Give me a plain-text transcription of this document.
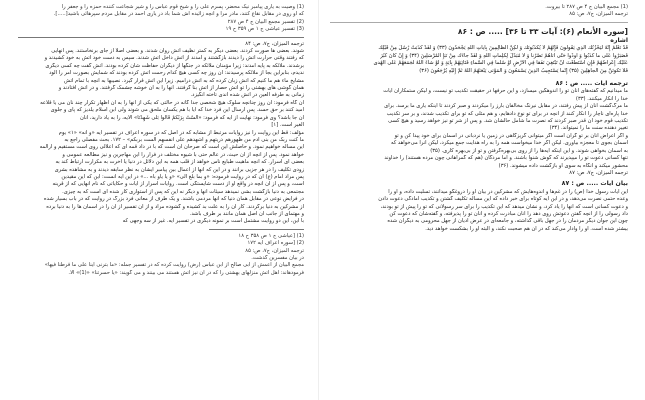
(1) وصیت به یاری پیامبر نیک محضر، پسرم علی را و شیخ قوم عباس را و شیر شجاعت کننده حمزه را و جعفر را
که او روی در مقابل نقاع کنند، مادر مرا و آنچه زائیده اش شما باد در یاری احمد در مقابل مردم سپرهائی باشید[.....].
(2) تفسیر مجمع البیان ج ۴ ص ۲۸۷
(3) تفسیر عیاشی ج ۱ ص ۳۵۹ ح ۱۹
ترجمه المیزان، ج۷، ص: ۸۴
شوند. بعضی ها صورت کردند. بعضی دیگر به کمتر نظیف آتش روان شدند. و بعضی اصلاً از جای برنخاستند. پس آنهایی
که رفتند وقتی حرارت آتش را دیدند بازگشتند و آمدند از آتش داخل آتش شدند. سپس به دست خود آتش به خود کشیدند و
برشدند. ملائکه به پایه آمدند: زیرا مؤمنان ملائکه در جنگها از دیگران حفاظت شان کرده بودند. آتش گفت چه کسی دیگری
ندیدم، بنابراین بجا از ملائکه پرسیدند: آن روز چه کسی هیچ کدام رحمت آتش کرده بودند که شمایش بصورت امر را آلود
مشایخ ماء هم ما کنیم که آتش زبان کرده که به آتش درآمیم. زیرا این آتش قرار گیرد. نصیبها به آنچه با تمام آتش
همان گوشی های بهشتی را تو آتش حصار از آتش بنا گرفتند. آنها را به آن خوشه چشمک گرفتند. و در آتش افتادند و
زمانی به طرفه العین در آتش شده اندی تاخته انگیزد.
آن گاه فرمود: آن روز چنانچه سلوک هیچ شخصی جدا گانه در حالتی که یکی از آنها را به آن اظهار تکرار چند نان می یا قلاعه
امید کنند بر حق حسد. پس ارسال این فرد خدا که آیا با هم یکسان ملحق می شوند ولی ابن اسلام یلدیز که پای و جلوی
آن جا باشد؟ وی فرمود: نهایت از آیه که فرمود: «أَلَسْتُ بِرَبِّكُمْ قَالُوا بَلَى شَهِدْنَا» الآیه، را به یاد دارید، آنان
الغیر است. [۱]
مؤلف: قط این روایت را نیز روایات مرتبط از مشابه که در اصل که در سوره اعراف در تفسیر آیه «و أنه» «۱» یوم
ما کنت ربک من بنی آدم من ظهورهم ذریتهم و اشهدهم علی انفسهم ألست بربکم» – ۱۷۲. بحث مفصلی راجع به
این مساله خواهیم نمود. و حاصلش این است که صرحان آن است که با در داد قمه ای که اعلالی روی است مستقیم و آرالمه
خواهد نمود. پس از آنچه از آن حیث، در عالم حتی با شیوه مختلف در فرار را این مهاجرین و نیز مطالعه عمومی و
بعضی ای اسرار. که آنچه ماهیت طبایع ناس خواهد از قلب همه به این دلائل در دنیا یا آخرت به مکرارت ارتباط کند به
زودی تکلیف را در هر جزیی برانند و در این که آنها از اعمال بین پیامبر ایشان به نظر سابقه دیدند و به مشاهده بشری
پس مراد امام (ع) آن که در روایت فرموده: «و بما بلغ الی» «و یا یاو باه ...» در این آیه انست: این که این مقیدین
است، و پس از آن آنچه در واقع او از دست شایستگی است. روایات اسرار از آیات و حکایاتی که نام آنهایی که از قرینه
مجتمعی به دنیا بازگشت بشی نمیدهد سیئات آنها و دیگر نه این که پس از استواری کار شده ای است که به چیزی.
در فرایض نوعی در مقابل همان دنیا که آنها مردمی باشند. و یک طرف از معانی فرد بزرگ در روایت که در باب بسیار شده
از مشرکین به دنیا برگردند. کار آن را به علت بد کشیده و گشوده مراد و از آن تفسیر از آن را در آسمان ها را به دنیا برده
و مهتمای از جانب آن اصل همان مانند بر طرف باشد.
با این، این دو روایت مشتمل است بر نمونه دیگری در تفسیر آیه. غیر از سه وجهی که
(1) [عیاشی ج ۱ ص ۳۵۸ ح ۱۸
(2) [سوره اعراف آیه ۱۷۲
ترجمه المیزان، ج۷، ص: ۸۵
در بیان مفسرین گذشت.
مجمع البیان از اعمش از ابی صالح از ابن عباس (رض) روایت کرده که در تفسیر جمله: «ما بترنی اینا علی ما فرطنا فیها»
فرمودهاند: اهل آتش منزلهای بهشتی را که در آن نیز آتش هستند می بینند و می گویند: «یا حسرتنا» «(1)» الا.
(1) مجمع البیان ج ۴ ص ۲۸۷ تا بیروت.
ترجمه المیزان، ج۷، ص: ۸۵
[سوره الأنعام (۶): آیات ۳۳ تا ۳۶] ..... ص : ۸۶
اشاره
قَدْ نَعْلَمُ إِنَّهُ لَيَحْزُنُكَ الَّذِي يَقُولُونَ فَإِنَّهُمْ لا يُكَذِّبُونَكَ وَ لكِنَّ الظّالِمِينَ بِآياتِ اللّهِ يَجْحَدُونَ (۳۳) وَ لَقَدْ كُذِّبَتْ رُسُلٌ مِنْ قَبْلِكَ
فَصَبَرُوا عَلى ما كُذِّبُوا وَ أُوذُوا حَتّى أَتاهُمْ نَصْرُنا وَ لا مُبَدِّلَ لِكَلِماتِ اللّهِ وَ لَقَدْ جاءَكَ مِنْ نَبَإِ الْمُرْسَلِينَ (۳۴) وَ إِنْ كانَ كَبُرَ
عَلَيْكَ إِعْراضُهُمْ فَإِنِ اسْتَطَعْتَ أَنْ تَبْتَغِيَ نَفَقاً فِي الْأَرْضِ أَوْ سُلَّماً فِي السَّماءِ فَتَأْتِيَهُمْ بِآيَةٍ وَ لَوْ شاءَ اللّهُ لَجَمَعَهُمْ عَلَى الْهُدى
فَلا تَكُونَنَّ مِنَ الْجاهِلِينَ (۳۵) إِنَّما يَسْتَجِيبُ الَّذِينَ يَسْمَعُونَ وَ الْمَوْتى يَبْعَثُهُمُ اللّهُ ثُمَّ إِلَيْهِ يُرْجَعُونَ (۳۶)
ترجمه آیات ..... ص : ۸۶
ما میدانیم که گفته‌های آنان تو را اندوهگین میسازد، و این حرفها در حقیقت تکذیب تو نیست، و لیکن ستمکاران آیات
خدا را انکار میکنند. (۳۳)
ما مرگ‌گشت آنان از پیش رفتند، در مقابل نیرنگ مخالفان بارز را میکردند و صبر کردند تا اینکه یاری ما برسد. برای
خدا پاره‌ای ناچار را انکار کنند از آنچه در برای تو نوع دادهایم، و هم مثلی که تو برای تکذیب شدند، و بر سر تکذیب
تکذیب قوم خود آن قدر صبر کردند که نصرت ما شامل حالشان شد. و پس از شر تو نیز خواهد رسید و هیچ کسی
تغییر دهنده سنت ما را نمیتواند. (۳۴)
و اگر اعراض آنان بر تو گران است اگر میتوانی گریزگاهی در زمین یا نردبانی در آسمان برای خود پیدا کن و تو
آسمان بجوی تا معجزه بیاوری. لیکن اگر خدا میخواست همه را به راه هدایت جمع میکرد، لیکن آنرا می‌خواهد که
به آسمان بخواهی شوند. و این اینکه آیه‌ها را از روی بی‌بهره‌گرفتن و تو از بی‌بهره کاری. (۳۵)
تنها کسانی دعوت تو را میپذیرند که گوش شنوا باشند. و اما مردگان (هم که گمراهانی چون مرده هستند) را خداوند
محشور میکند و آنگاه به سوی او بازگشت داده میشوند. (۳۶)
ترجمه المیزان، ج۷، ص: ۸۷
بیان آیات ..... ص : ۸۷
این آیات رسول خدا (ص) را در غم‌ها و اندوه‌هایش که مشرکین در بیان او را دروغگو میدانند، تسلیت داده، و او را
وعده حتمی نصرت می‌دهد، و در این آیه کوتاه برای خبر داده که این مساله تکلیف گشتن و تکذیب آمادگی دعوت دادن
و دعوت کسانی است که آنها را یاد کرد، و نشان میدهد که این تکذیب را برای سر رسولانی که تو را پیش از تو بودند،
داد رسولی را از آنچه گفتن دعوتش روی دهد را آنان مبادرت کرده و آنان تو را پذیرفته، و گفته‌شان که دعوت کن
چون این جوان دیگر مردمان را در جهل باقی گذاشته، و جامعه‌ای در عرض ادیان از جهل محرومی به دیگران شده
بیشتر شده است. او را وادار می‌کند که در آن هم صحبت نکند، و البته او را بشکست خواهد دید.
